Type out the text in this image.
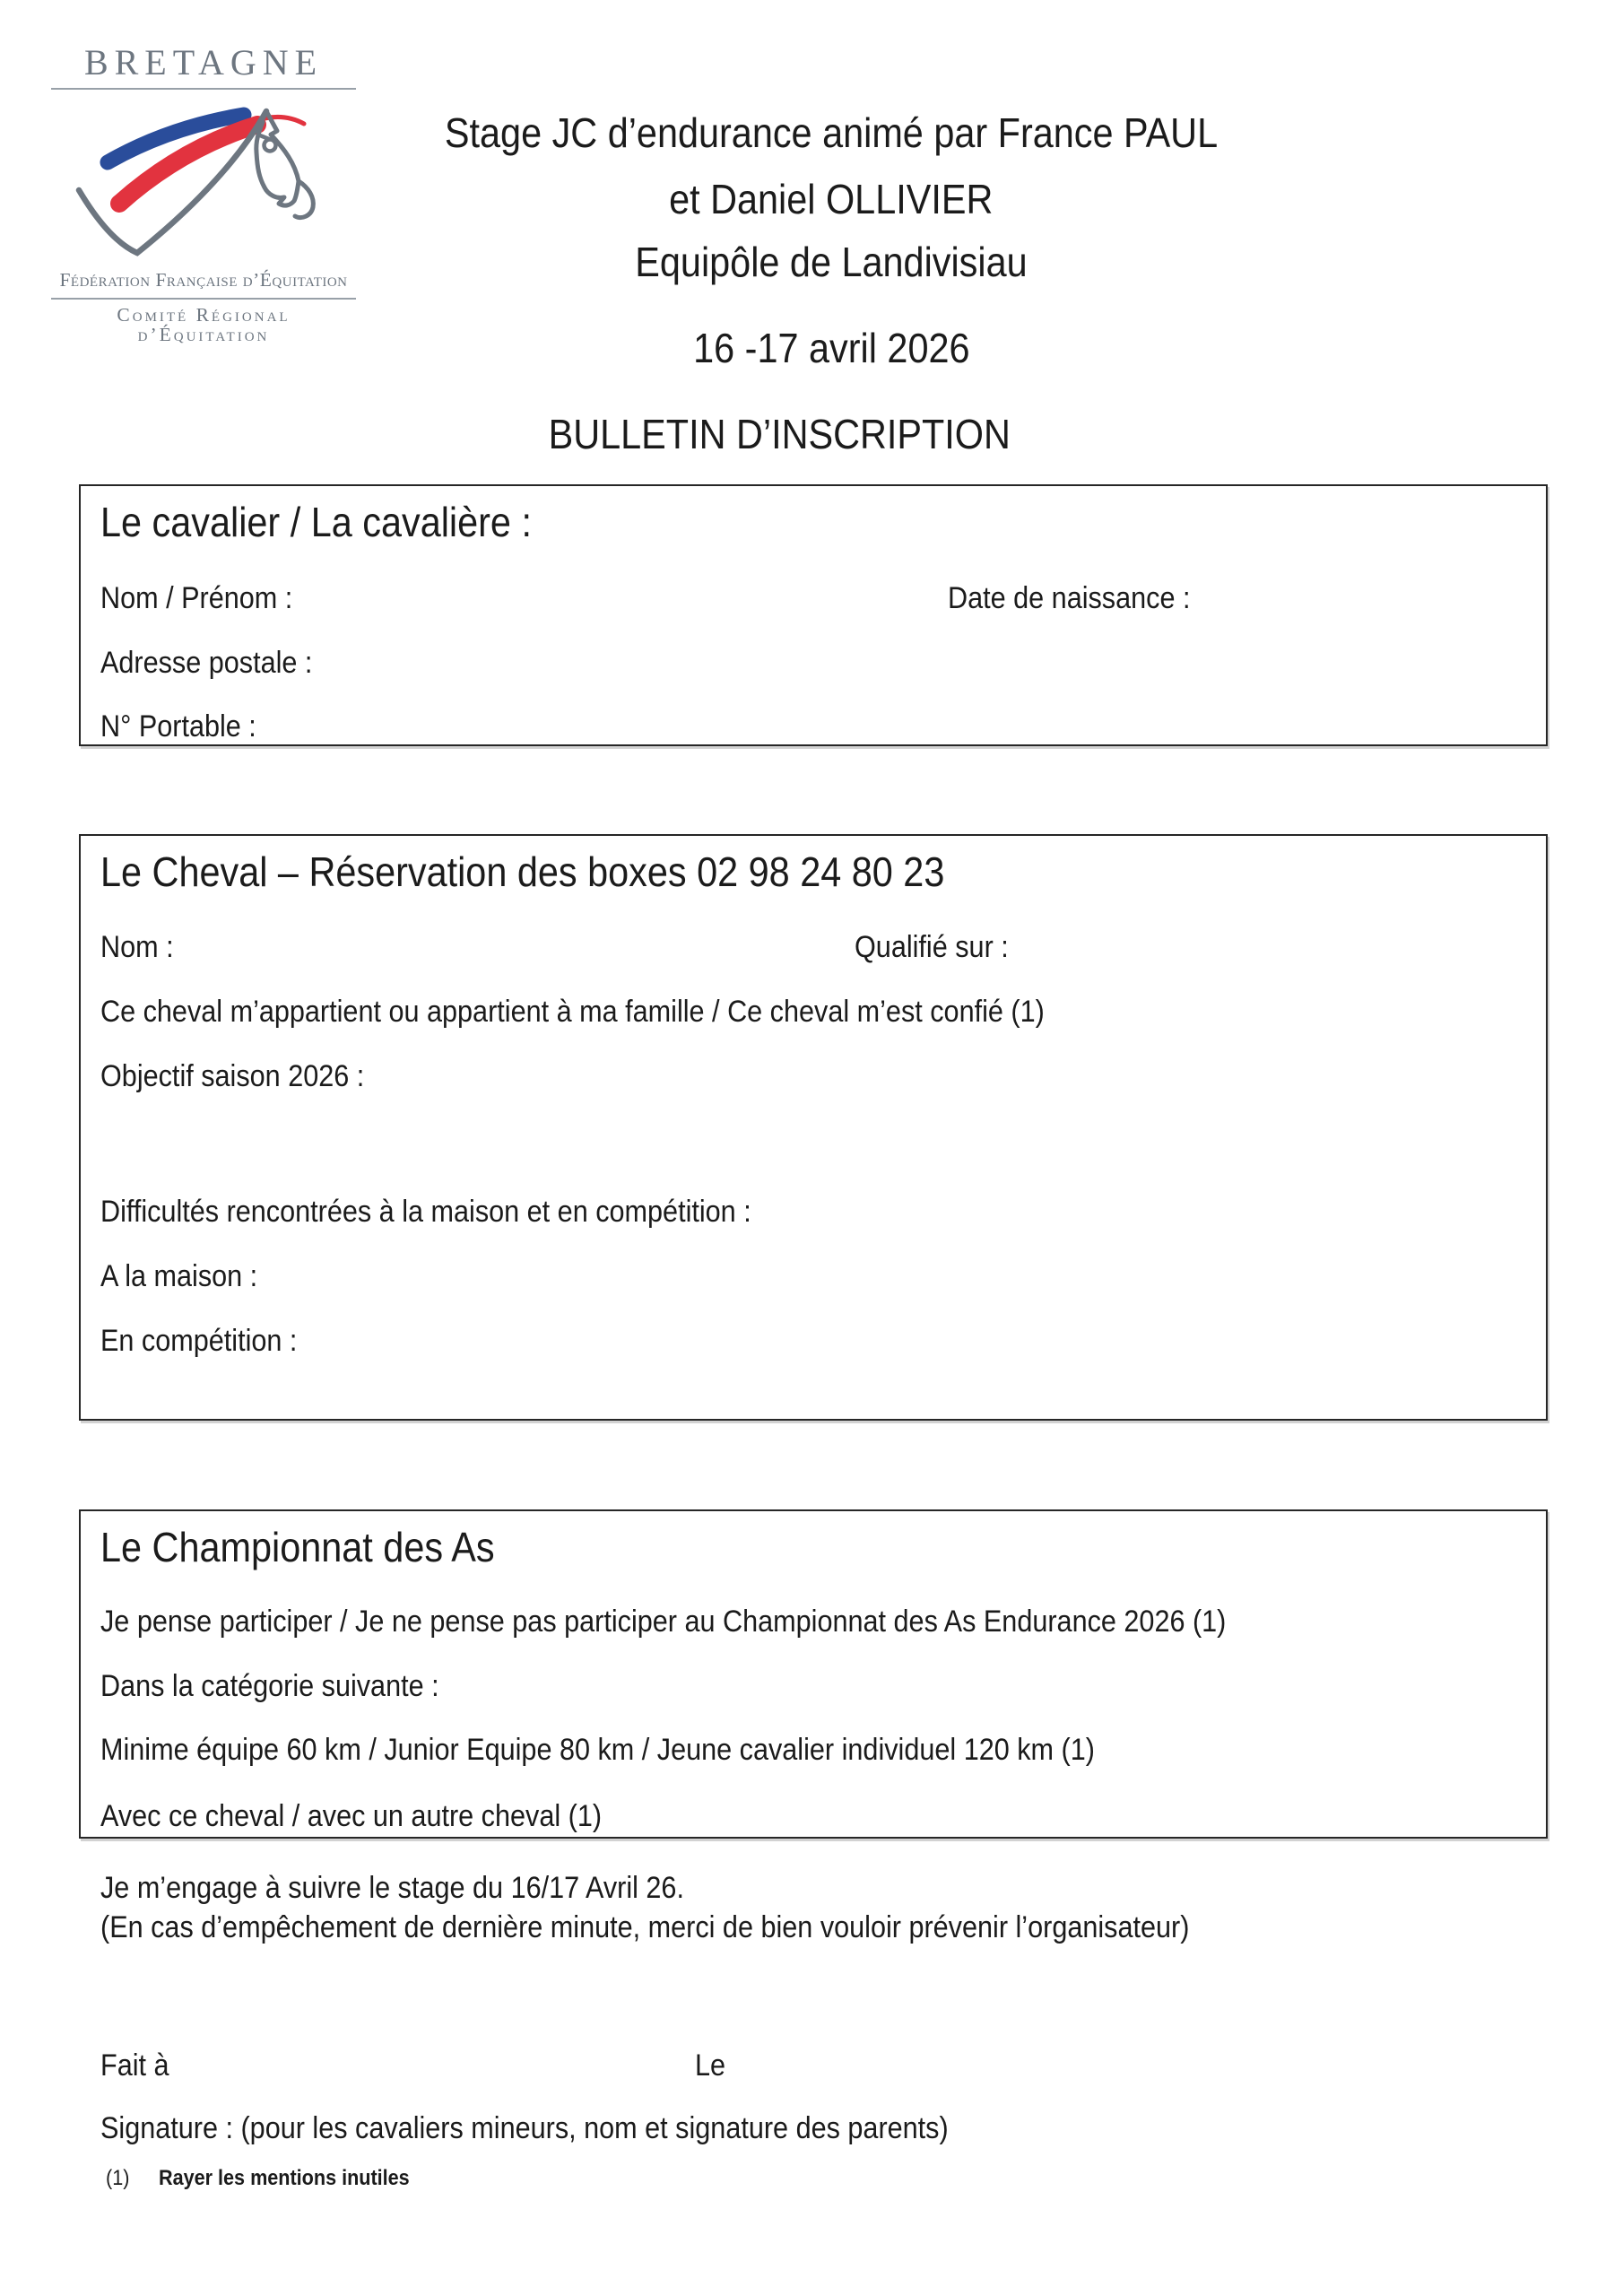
BRETAGNE
Fédération Française d’Équitation
Comité Régional d’Équitation
Stage JC d’endurance animé par France PAUL
et Daniel OLLIVIER
Equipôle de Landivisiau
16 -17 avril 2026
BULLETIN D’INSCRIPTION
Le cavalier / La cavalière :
Nom / Prénom :	Date de naissance :
Adresse postale :
N° Portable :
Le Cheval – Réservation des boxes 02 98 24 80 23
Nom :	Qualifié sur :
Ce cheval m’appartient ou appartient à ma famille / Ce cheval m’est confié (1)
Objectif saison 2026 :
Difficultés rencontrées à la maison et en compétition :
A la maison :
En compétition :
Le Championnat des As
Je pense participer / Je ne pense pas participer au Championnat des As Endurance 2026 (1)
Dans la catégorie suivante :
Minime équipe 60 km / Junior Equipe 80 km / Jeune cavalier individuel 120 km (1)
Avec ce cheval / avec un autre cheval (1)
Je m’engage à suivre le stage du 16/17 Avril 26.
(En cas d’empêchement de dernière minute, merci de bien vouloir prévenir l’organisateur)
Fait à	Le
Signature : (pour les cavaliers mineurs, nom et signature des parents)
(1) Rayer les mentions inutiles
